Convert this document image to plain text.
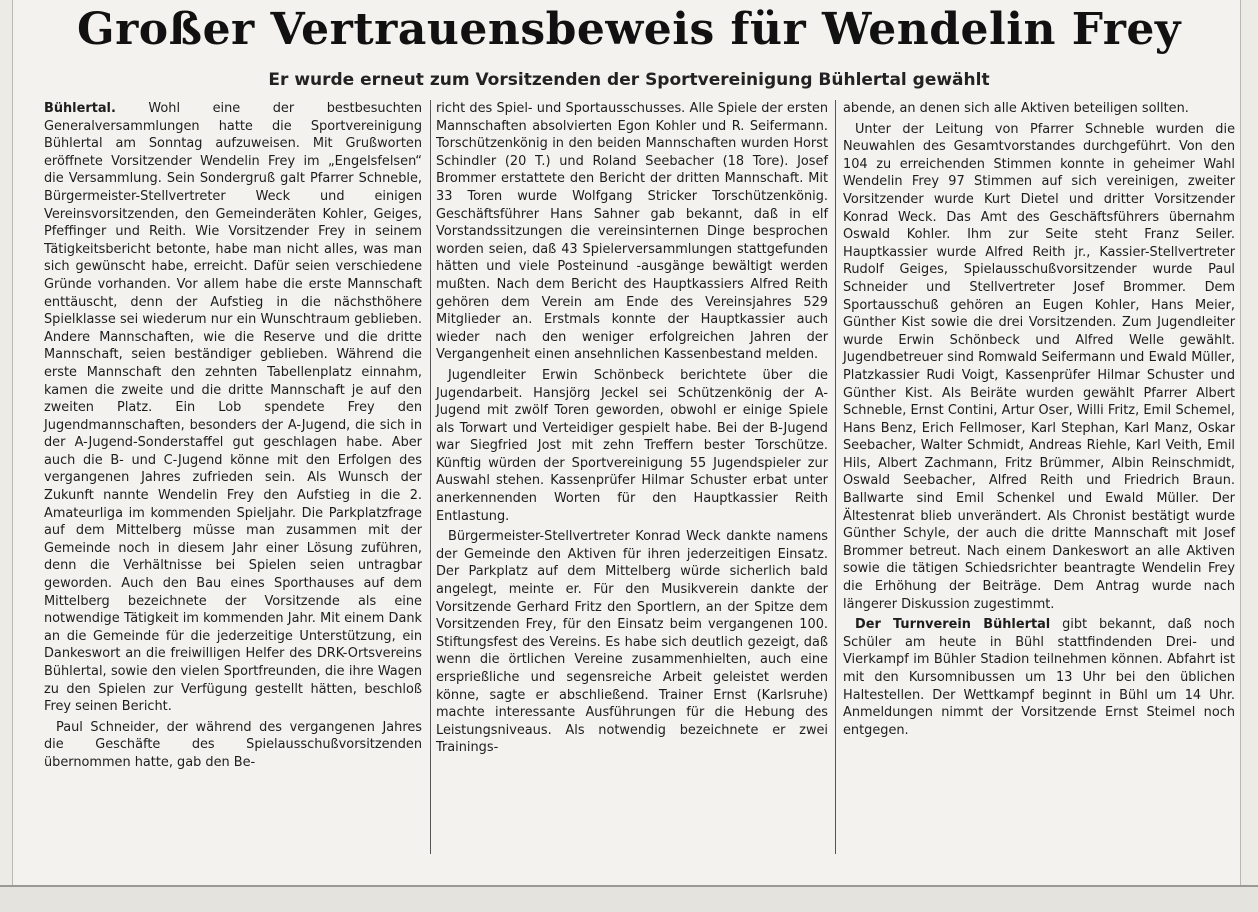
Großer Vertrauensbeweis für Wendelin Frey
Er wurde erneut zum Vorsitzenden der Sportvereinigung Bühlertal gewählt

Bühlertal.	Wohl eine der bestbesuchten Generalversammlungen hatte die Sportvereinigung Bühlertal am Sonntag aufzuweisen. Mit Grußworten eröffnete Vorsitzender Wendelin Frey im „Engelsfelsen“ die Versammlung. Sein Sondergruß galt Pfarrer Schneble, Bürgermeister-Stellvertreter Weck und einigen Vereinsvorsitzenden, den Gemeinderäten Kohler, Geiges, Pfeffinger und Reith. Wie Vorsitzender Frey in seinem Tätigkeitsbericht betonte, habe man nicht alles, was man sich gewünscht habe, erreicht. Dafür seien verschiedene Gründe vorhanden. Vor allem habe die erste Mannschaft enttäuscht, denn der Aufstieg in die nächsthöhere Spielklasse sei wiederum nur ein Wunschtraum geblieben. Andere Mannschaften, wie die Reserve und die dritte Mannschaft, seien beständiger geblieben. Während die erste Mannschaft den zehnten Tabellenplatz einnahm, kamen die zweite und die dritte Mannschaft je auf den zweiten Platz. Ein Lob spendete Frey den Jugendmannschaften, besonders der A-Jugend, die sich in der A-Jugend-Sonderstaffel gut geschlagen habe. Aber auch die B- und C-Jugend könne mit den Erfolgen des vergangenen Jahres zufrieden sein. Als Wunsch der Zukunft nannte Wendelin Frey den Aufstieg in die 2. Amateurliga im kommenden Spieljahr. Die Parkplatzfrage auf dem Mittelberg müsse man zusammen mit der Gemeinde noch in diesem Jahr einer Lösung zuführen, denn die Verhältnisse bei Spielen seien untragbar geworden. Auch den Bau eines Sporthauses auf dem Mittelberg bezeichnete der Vorsitzende als eine notwendige Tätigkeit im kommenden Jahr. Mit einem Dank an die Gemeinde für die jederzeitige Unterstützung, ein Dankeswort an die freiwilligen Helfer des DRK-Ortsvereins Bühlertal, sowie den vielen Sportfreunden, die ihre Wagen zu den Spielen zur Verfügung gestellt hätten, beschloß Frey seinen Bericht.

Paul Schneider, der während des vergangenen Jahres die Geschäfte des Spielausschußvorsitzenden übernommen hatte, gab den Be-

richt des Spiel- und Sportausschusses. Alle Spiele der ersten Mannschaften absolvierten Egon Kohler und R. Seifermann. Torschützenkönig in den beiden Mannschaften wurden Horst Schindler (20 T.) und Roland Seebacher (18 Tore). Josef Brommer erstattete den Bericht der dritten Mannschaft. Mit 33 Toren wurde Wolfgang Stricker Torschützenkönig. Geschäftsführer Hans Sahner gab bekannt, daß in elf Vorstandssitzungen die vereinsinternen Dinge besprochen worden seien, daß 43 Spielerversammlungen stattgefunden hätten und viele Posteinund -ausgänge bewältigt werden mußten. Nach dem Bericht des Hauptkassiers Alfred Reith gehören dem Verein am Ende des Vereinsjahres 529 Mitglieder an. Erstmals konnte der Hauptkassier auch wieder nach den weniger erfolgreichen Jahren der Vergangenheit einen ansehnlichen Kassenbestand melden.

Jugendleiter Erwin Schönbeck berichtete über die Jugendarbeit. Hansjörg Jeckel sei Schützenkönig der A-Jugend mit zwölf Toren geworden, obwohl er einige Spiele als Torwart und Verteidiger gespielt habe. Bei der B-Jugend war Siegfried Jost mit zehn Treffern bester Torschütze. Künftig würden der Sportvereinigung 55 Jugendspieler zur Auswahl stehen. Kassenprüfer Hilmar Schuster erbat unter anerkennenden Worten für den Hauptkassier Reith Entlastung.

Bürgermeister-Stellvertreter Konrad Weck dankte namens der Gemeinde den Aktiven für ihren jederzeitigen Einsatz. Der Parkplatz auf dem Mittelberg würde sicherlich bald angelegt, meinte er. Für den Musikverein dankte der Vorsitzende Gerhard Fritz den Sportlern, an der Spitze dem Vorsitzenden Frey, für den Einsatz beim vergangenen 100. Stiftungsfest des Vereins. Es habe sich deutlich gezeigt, daß wenn die örtlichen Vereine zusammenhielten, auch eine ersprießliche und segensreiche Arbeit geleistet werden könne, sagte er abschließend. Trainer Ernst (Karlsruhe) machte interessante Ausführungen für die Hebung des Leistungsniveaus. Als notwendig bezeichnete er zwei Trainings-

abende, an denen sich alle Aktiven beteiligen sollten.

Unter der Leitung von Pfarrer Schneble wurden die Neuwahlen des Gesamtvorstandes durchgeführt. Von den 104 zu erreichenden Stimmen konnte in geheimer Wahl Wendelin Frey 97 Stimmen auf sich vereinigen, zweiter Vorsitzender wurde Kurt Dietel und dritter Vorsitzender Konrad Weck. Das Amt des Geschäftsführers übernahm Oswald Kohler. Ihm zur Seite steht Franz Seiler. Hauptkassier wurde Alfred Reith jr., Kassier-Stellvertreter Rudolf Geiges, Spielausschußvorsitzender wurde Paul Schneider und Stellvertreter Josef Brommer. Dem Sportausschuß gehören an Eugen Kohler, Hans Meier, Günther Kist sowie die drei Vorsitzenden. Zum Jugendleiter wurde Erwin Schönbeck und Alfred Welle gewählt. Jugendbetreuer sind Romwald Seifermann und Ewald Müller, Platzkassier Rudi Voigt, Kassenprüfer Hilmar Schuster und Günther Kist. Als Beiräte wurden gewählt Pfarrer Albert Schneble, Ernst Contini, Artur Oser, Willi Fritz, Emil Schemel, Hans Benz, Erich Fellmoser, Karl Stephan, Karl Manz, Oskar Seebacher, Walter Schmidt, Andreas Riehle, Karl Veith, Emil Hils, Albert Zachmann, Fritz Brümmer, Albin Reinschmidt, Oswald Seebacher, Alfred Reith und Friedrich Braun. Ballwarte sind Emil Schenkel und Ewald Müller. Der Ältestenrat blieb unverändert. Als Chronist bestätigt wurde Günther Schyle, der auch die dritte Mannschaft mit Josef Brommer betreut. Nach einem Dankeswort an alle Aktiven sowie die tätigen Schiedsrichter beantragte Wendelin Frey die Erhöhung der Beiträge. Dem Antrag wurde nach längerer Diskussion zugestimmt.

Der Turnverein Bühlertal gibt bekannt, daß noch Schüler am heute in Bühl stattfindenden Drei- und Vierkampf im Bühler Stadion teilnehmen können. Abfahrt ist mit den Kursomnibussen um 13 Uhr bei den üblichen Haltestellen. Der Wettkampf beginnt in Bühl um 14 Uhr. Anmeldungen nimmt der Vorsitzende Ernst Steimel noch entgegen.
